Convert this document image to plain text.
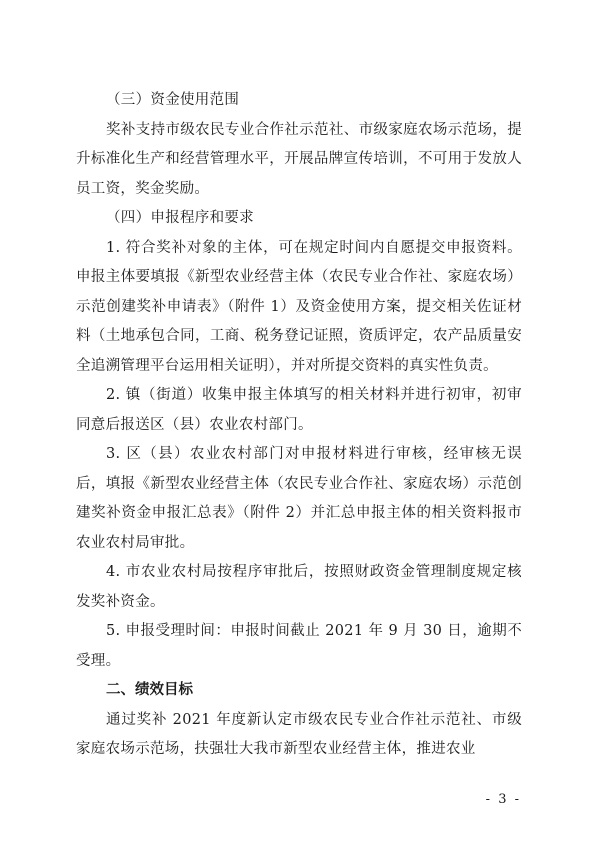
（三）资金使用范围

奖补支持市级农民专业合作社示范社、市级家庭农场示范场，提升标准化生产和经营管理水平，开展品牌宣传培训，不可用于发放人员工资，奖金奖励。

（四）申报程序和要求

1. 符合奖补对象的主体，可在规定时间内自愿提交申报资料。申报主体要填报《新型农业经营主体（农民专业合作社、家庭农场）示范创建奖补申请表》（附件 1）及资金使用方案，提交相关佐证材料（土地承包合同，工商、税务登记证照，资质评定，农产品质量安全追溯管理平台运用相关证明），并对所提交资料的真实性负责。

2. 镇（街道）收集申报主体填写的相关材料并进行初审，初审同意后报送区（县）农业农村部门。

3. 区（县）农业农村部门对申报材料进行审核，经审核无误后，填报《新型农业经营主体（农民专业合作社、家庭农场）示范创建奖补资金申报汇总表》（附件 2）并汇总申报主体的相关资料报市农业农村局审批。

4. 市农业农村局按程序审批后，按照财政资金管理制度规定核发奖补资金。

5. 申报受理时间：申报时间截止 2021 年 9 月 30 日，逾期不受理。

二、绩效目标

通过奖补 2021 年度新认定市级农民专业合作社示范社、市级家庭农场示范场，扶强壮大我市新型农业经营主体，推进农业

- 3 -
